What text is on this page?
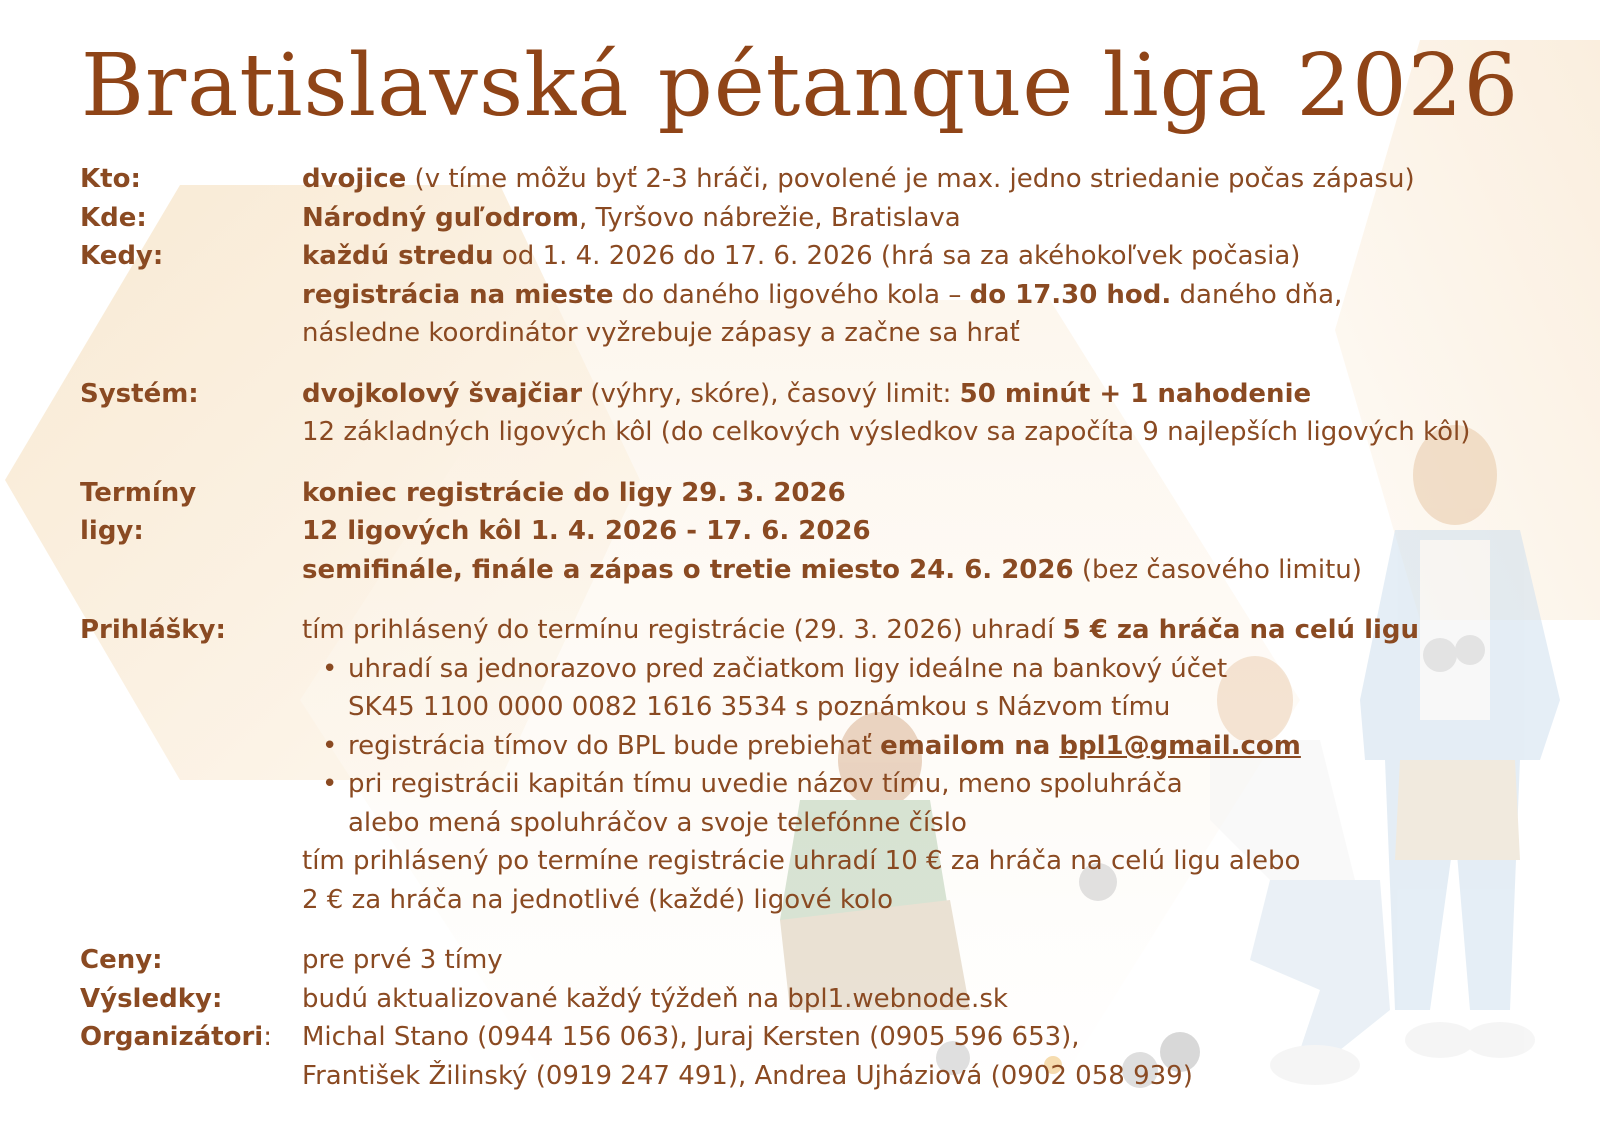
Bratislavská pétanque liga 2026
Kto:	dvojice (v tíme môžu byť 2-3 hráči, povolené je max. jedno striedanie počas zápasu)
Kde:	Národný guľodrom, Tyršovo nábrežie, Bratislava
Kedy:	každú stredu od 1. 4. 2026 do 17. 6. 2026 (hrá sa za akéhokoľvek počasia)
registrácia na mieste do daného ligového kola – do 17.30 hod. daného dňa,
následne koordinátor vyžrebuje zápasy a začne sa hrať
Systém:	dvojkolový švajčiar (výhry, skóre), časový limit: 50 minút + 1 nahodenie
12 základných ligových kôl (do celkových výsledkov sa započíta 9 najlepších ligových kôl)
Termíny
ligy:
koniec registrácie do ligy 29. 3. 2026
12 ligových kôl 1. 4. 2026 - 17. 6. 2026
semifinále, finále a zápas o tretie miesto 24. 6. 2026 (bez časového limitu)
Prihlášky:	tím prihlásený do termínu registrácie (29. 3. 2026) uhradí 5 € za hráča na celú ligu
• uhradí sa jednorazovo pred začiatkom ligy ideálne na bankový účet
SK45 1100 0000 0082 1616 3534 s poznámkou s Názvom tímu
• registrácia tímov do BPL bude prebiehať emailom na bpl1@gmail.com
• pri registrácii kapitán tímu uvedie názov tímu, meno spoluhráča
alebo mená spoluhráčov a svoje telefónne číslo
tím prihlásený po termíne registrácie uhradí 10 € za hráča na celú ligu alebo
2 € za hráča na jednotlivé (každé) ligové kolo
Ceny:	pre prvé 3 tímy
Výsledky:	budú aktualizované každý týždeň na bpl1.webnode.sk
Organizátori:	Michal Stano (0944 156 063), Juraj Kersten (0905 596 653),
František Žilinský (0919 247 491), Andrea Ujháziová (0902 058 939)
